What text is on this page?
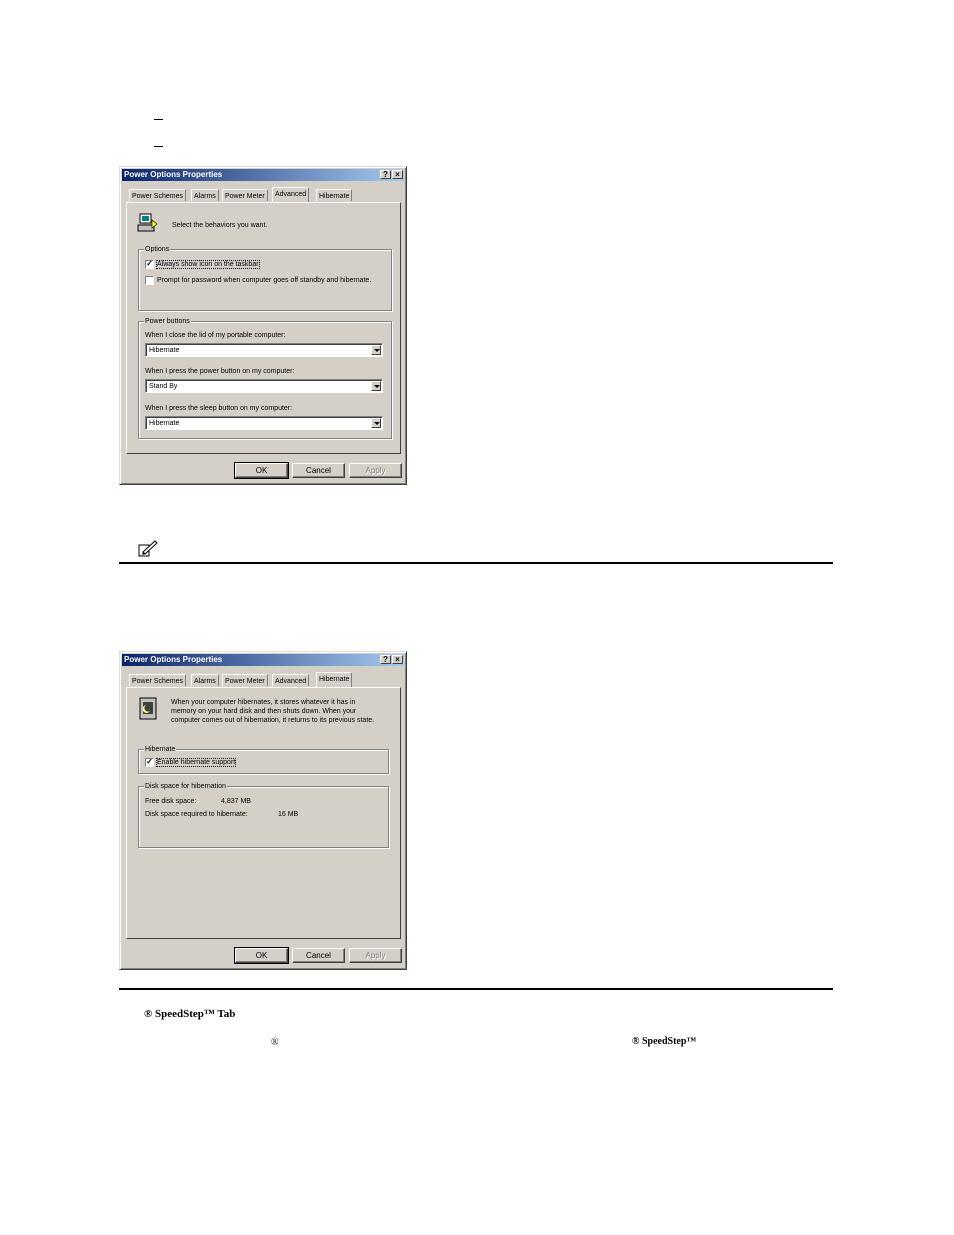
Power Options Properties	? ×
Power Schemes	Alarms	Power Meter	Advanced	Hibernate
Select the behaviors you want.
Options
✓ Always show icon on the taskbar
Prompt for password when computer goes off standby and hibernate.
Power buttons
When I close the lid of my portable computer:
Hibernate
When I press the power button on my computer:
Stand By
When I press the sleep button on my computer:
Hibernate
OK	Cancel	Apply
Power Options Properties	? ×
Power Schemes	Alarms	Power Meter	Advanced	Hibernate
When your computer hibernates, it stores whatever it has in
memory on your hard disk and then shuts down. When your
computer comes out of hibernation, it returns to its previous state.
Hibernate
✓ Enable hibernate support
Disk space for hibernation
Free disk space:	4,837 MB
Disk space required to hibernate:	16 MB
OK	Cancel	Apply
® SpeedStep™ Tab
®	® SpeedStep™
